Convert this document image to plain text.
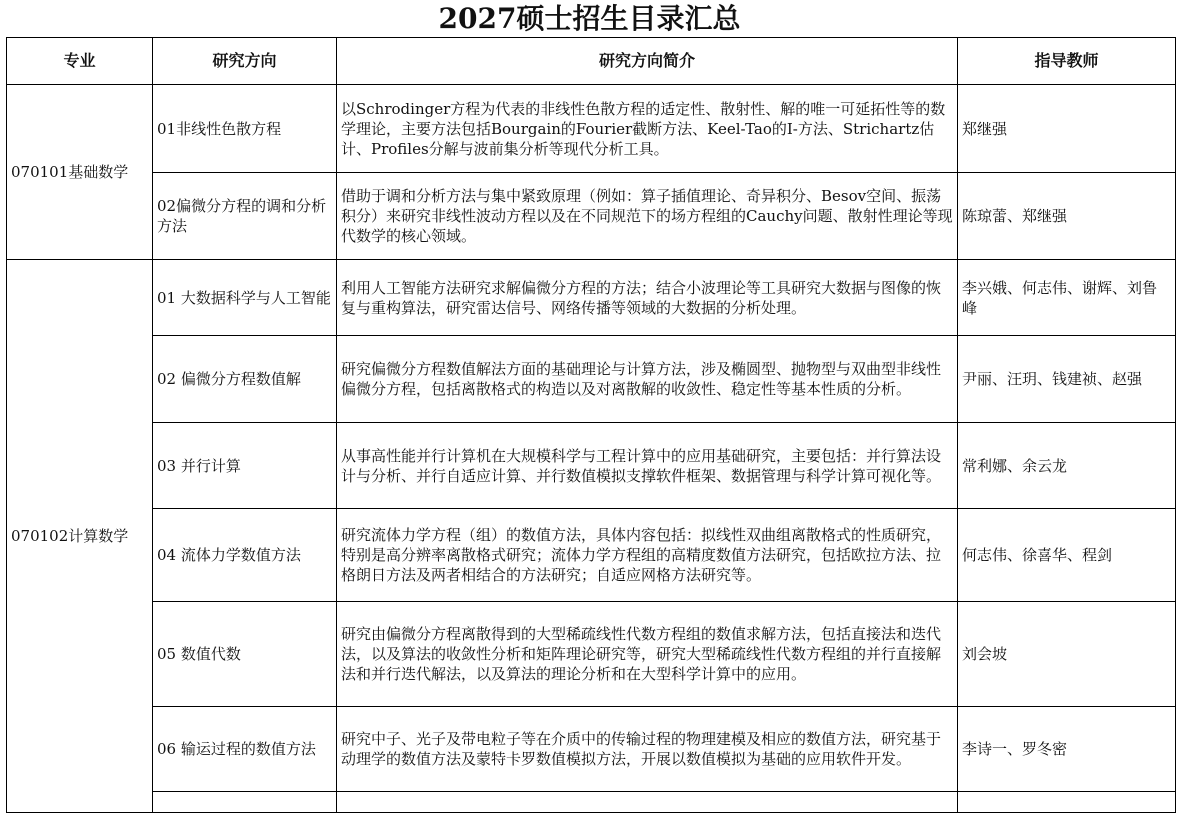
2027硕士招生目录汇总
专业	研究方向	研究方向简介	指导教师
070101基础数学	01非线性色散方程	以Schrodinger方程为代表的非线性色散方程的适定性、散射性、解的唯一可延拓性等的数学理论，主要方法包括Bourgain的Fourier截断方法、Keel-Tao的I-方法、Strichartz估计、Profiles分解与波前集分析等现代分析工具。	郑继强
	02偏微分方程的调和分析方法	借助于调和分析方法与集中紧致原理（例如：算子插值理论、奇异积分、Besov空间、振荡积分）来研究非线性波动方程以及在不同规范下的场方程组的Cauchy问题、散射性理论等现代数学的核心领域。	陈琼蕾、郑继强
070102计算数学	01 大数据科学与人工智能	利用人工智能方法研究求解偏微分方程的方法；结合小波理论等工具研究大数据与图像的恢复与重构算法，研究雷达信号、网络传播等领域的大数据的分析处理。	李兴娥、何志伟、谢辉、刘鲁峰
	02 偏微分方程数值解	研究偏微分方程数值解法方面的基础理论与计算方法，涉及椭圆型、抛物型与双曲型非线性偏微分方程，包括离散格式的构造以及对离散解的收敛性、稳定性等基本性质的分析。	尹丽、汪玥、钱建祯、赵强
	03 并行计算	从事高性能并行计算机在大规模科学与工程计算中的应用基础研究，主要包括：并行算法设计与分析、并行自适应计算、并行数值模拟支撑软件框架、数据管理与科学计算可视化等。	常利娜、余云龙
	04 流体力学数值方法	研究流体力学方程（组）的数值方法，具体内容包括：拟线性双曲组离散格式的性质研究，特别是高分辨率离散格式研究；流体力学方程组的高精度数值方法研究，包括欧拉方法、拉格朗日方法及两者相结合的方法研究；自适应网格方法研究等。	何志伟、徐喜华、程剑
	05 数值代数	研究由偏微分方程离散得到的大型稀疏线性代数方程组的数值求解方法，包括直接法和迭代法，以及算法的收敛性分析和矩阵理论研究等，研究大型稀疏线性代数方程组的并行直接解法和并行迭代解法，以及算法的理论分析和在大型科学计算中的应用。	刘会坡
	06 输运过程的数值方法	研究中子、光子及带电粒子等在介质中的传输过程的物理建模及相应的数值方法，研究基于动理学的数值方法及蒙特卡罗数值模拟方法，开展以数值模拟为基础的应用软件开发。	李诗一、罗冬密
